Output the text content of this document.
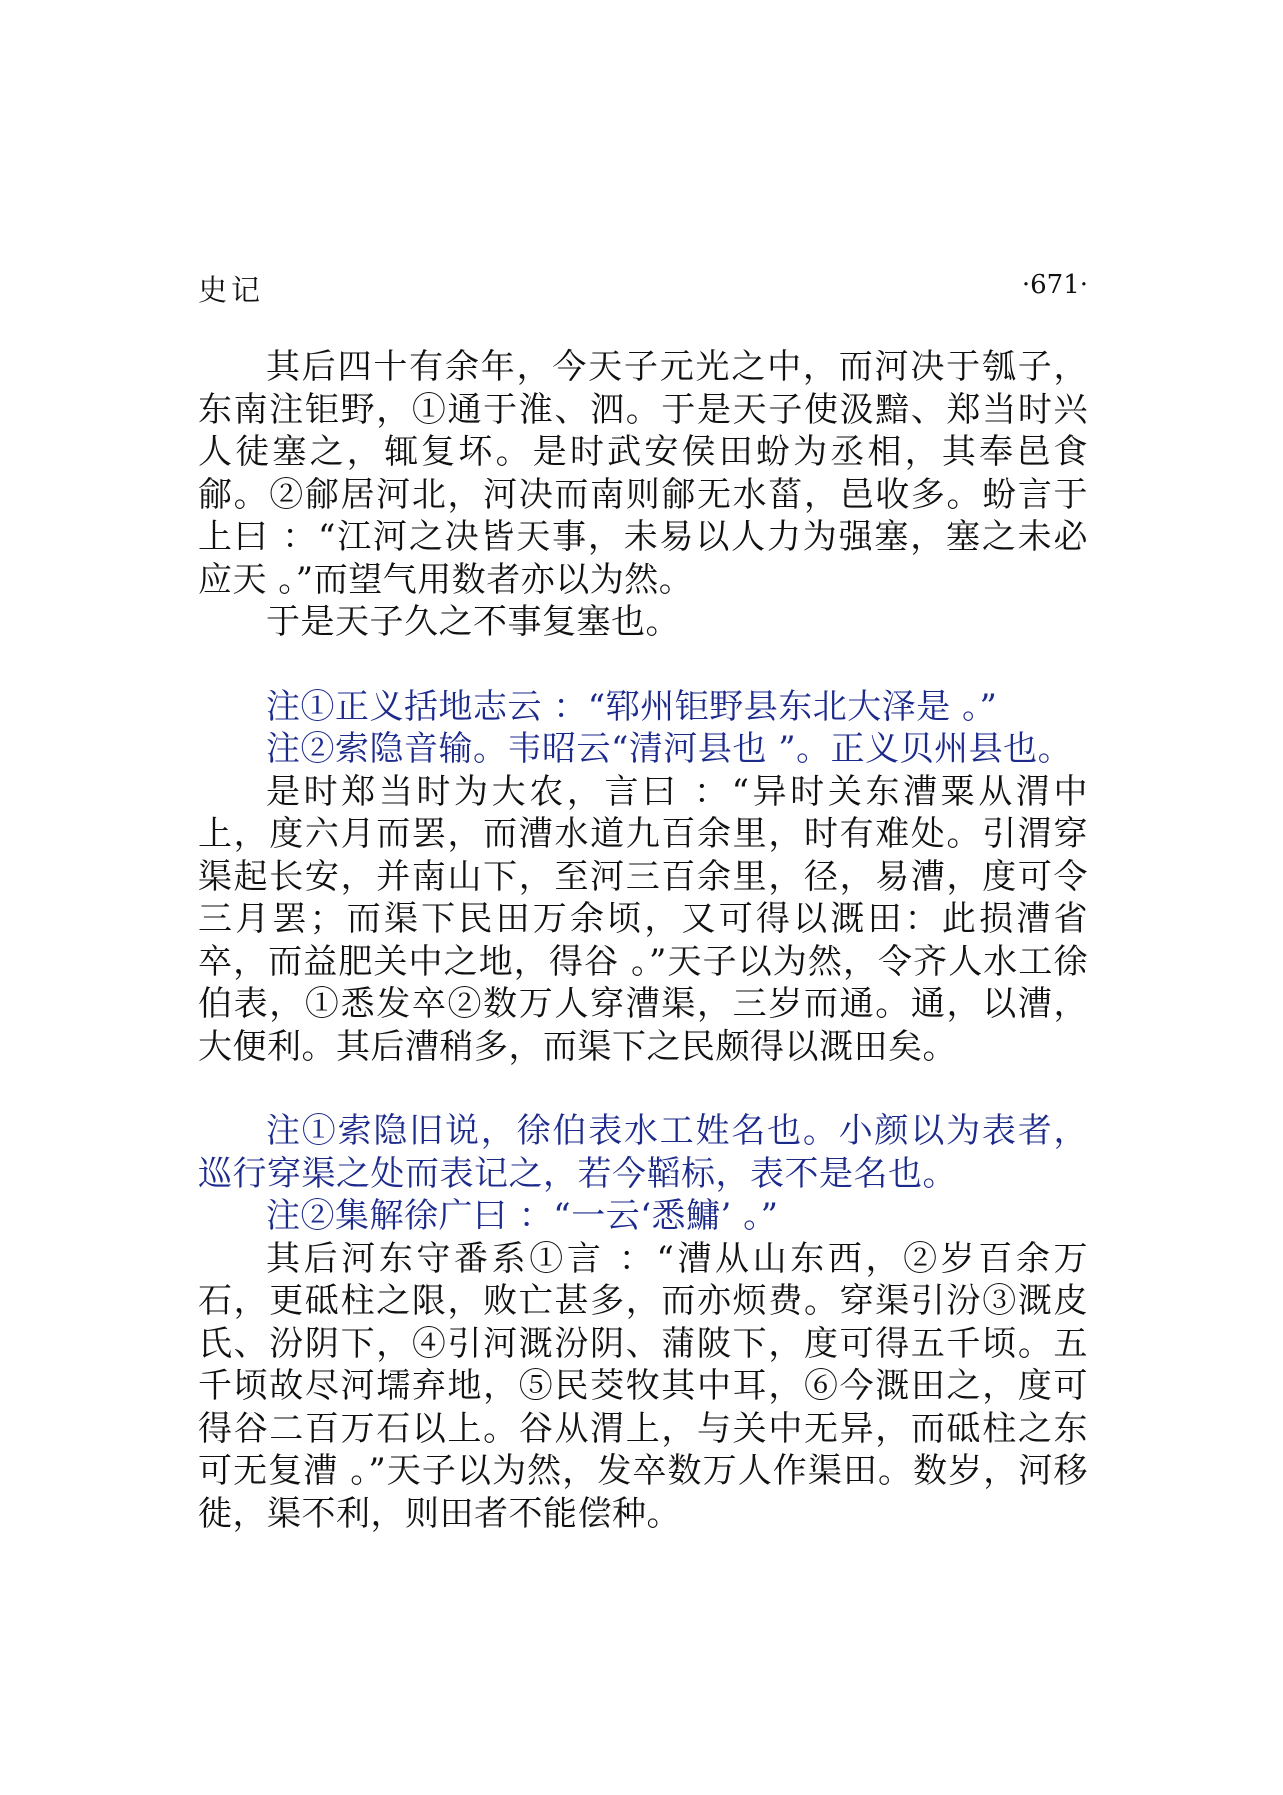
史记	·671·

其后四十有余年，今天子元光之中，而河决于瓠子，东南注钜野，①通于淮、泗。于是天子使汲黯、郑当时兴人徒塞之，辄复坏。是时武安侯田蚡为丞相，其奉邑食鄃。②鄃居河北，河决而南则鄃无水菑，邑收多。蚡言于上曰 ：“江河之决皆天事，未易以人力为强塞，塞之未必应天 。”而望气用数者亦以为然。

于是天子久之不事复塞也。

注①正义括地志云 ：“郓州钜野县东北大泽是 。”

注②索隐音输。韦昭云“清河县也 ”。正义贝州县也。

是时郑当时为大农，言曰 ：“异时关东漕粟从渭中上，度六月而罢，而漕水道九百余里，时有难处。引渭穿渠起长安，并南山下，至河三百余里，径，易漕，度可令三月罢；而渠下民田万余顷，又可得以溉田：此损漕省卒，而益肥关中之地，得谷 。”天子以为然，令齐人水工徐伯表，①悉发卒②数万人穿漕渠，三岁而通。通，以漕，大便利。其后漕稍多，而渠下之民颇得以溉田矣。

注①索隐旧说，徐伯表水工姓名也。小颜以为表者，巡行穿渠之处而表记之，若今鞱标，表不是名也。

注②集解徐广曰 ：“一云‘悉鱅’ 。”

其后河东守番系①言 ：“漕从山东西，②岁百余万石，更砥柱之限，败亡甚多，而亦烦费。穿渠引汾③溉皮氏、汾阴下，④引河溉汾阴、蒲陂下，度可得五千顷。五千顷故尽河壖弃地，⑤民茭牧其中耳，⑥今溉田之，度可得谷二百万石以上。谷从渭上，与关中无异，而砥柱之东可无复漕 。”天子以为然，发卒数万人作渠田。数岁，河移徙，渠不利，则田者不能偿种。
